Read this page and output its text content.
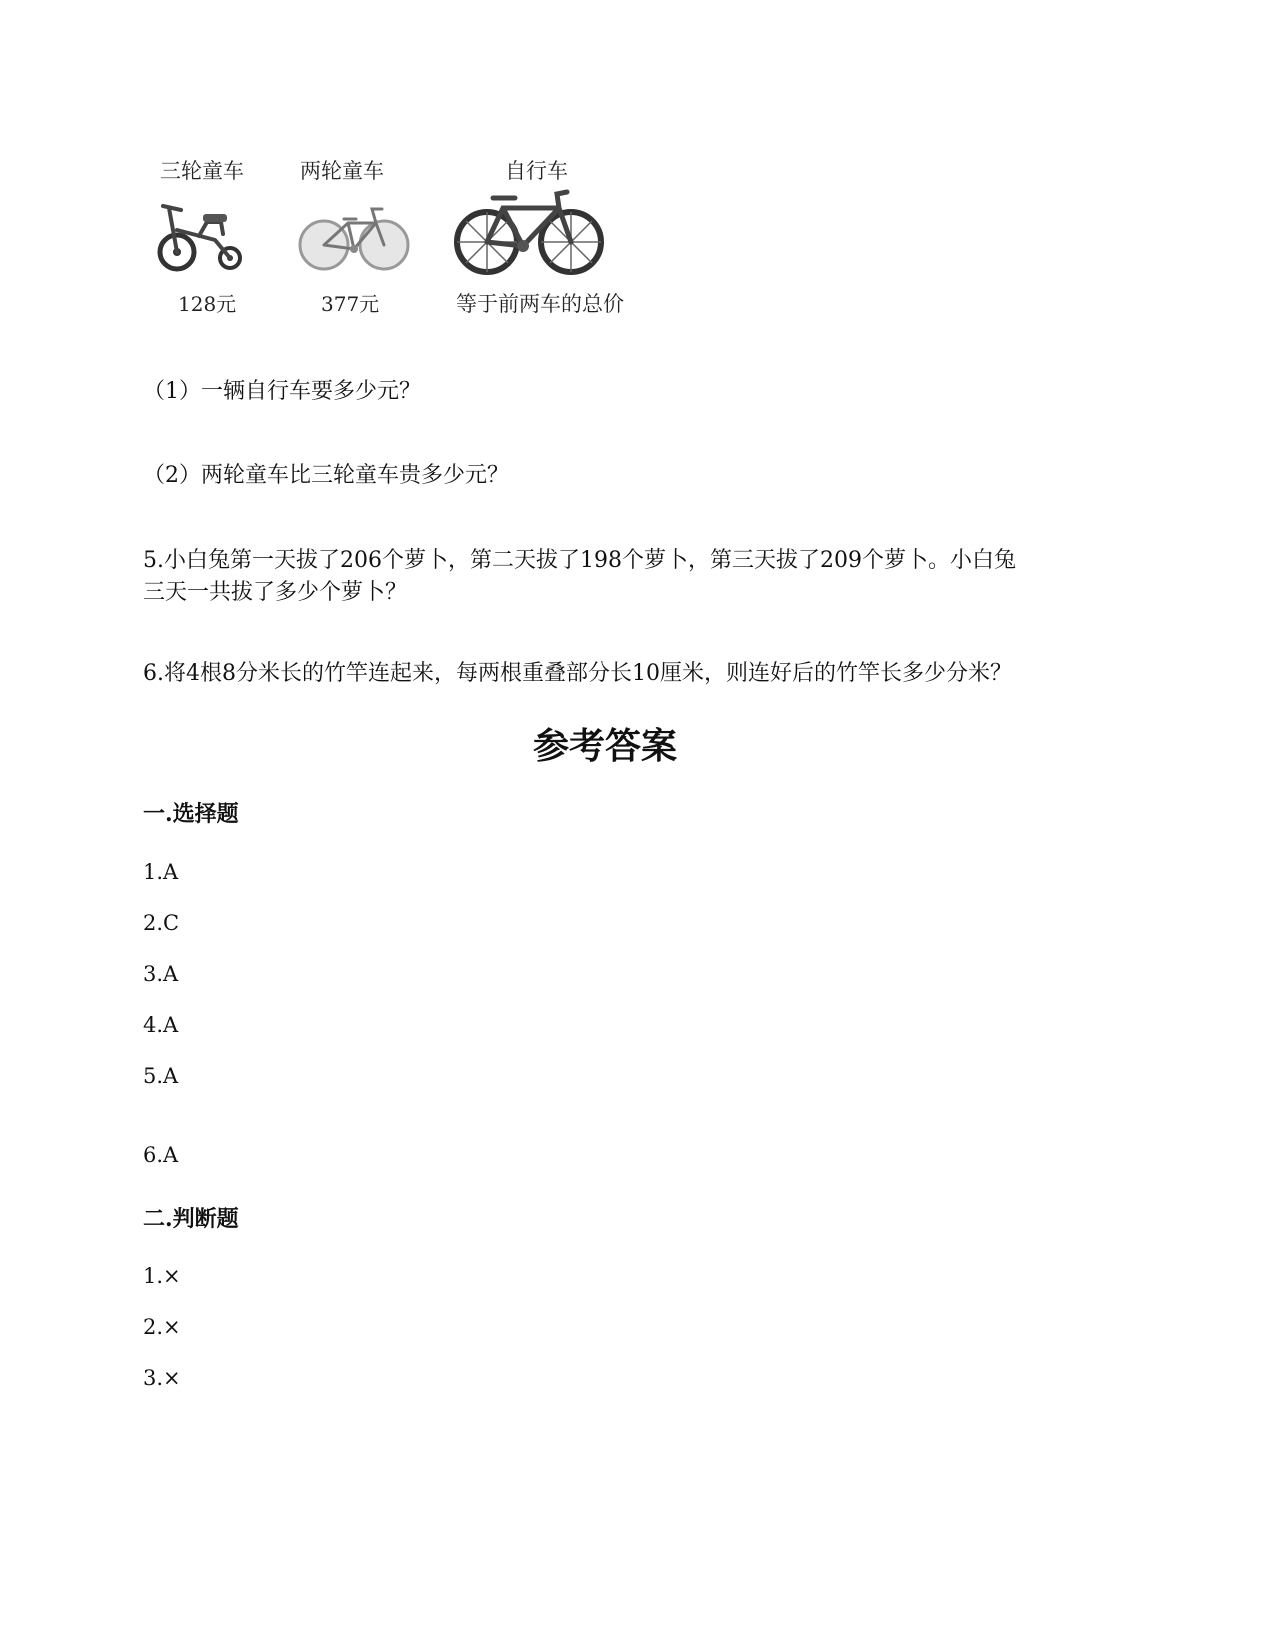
三轮童车	两轮童车	自行车
128元	377元	等于前两车的总价
（1）一辆自行车要多少元？
（2）两轮童车比三轮童车贵多少元？
5.小白兔第一天拔了206个萝卜，第二天拔了198个萝卜，第三天拔了209个萝卜。小白兔
三天一共拔了多少个萝卜？
6.将4根8分米长的竹竿连起来，每两根重叠部分长10厘米，则连好后的竹竿长多少分米？
参考答案
一.选择题
1.A
2.C
3.A
4.A
5.A
6.A
二.判断题
1.×
2.×
3.×
